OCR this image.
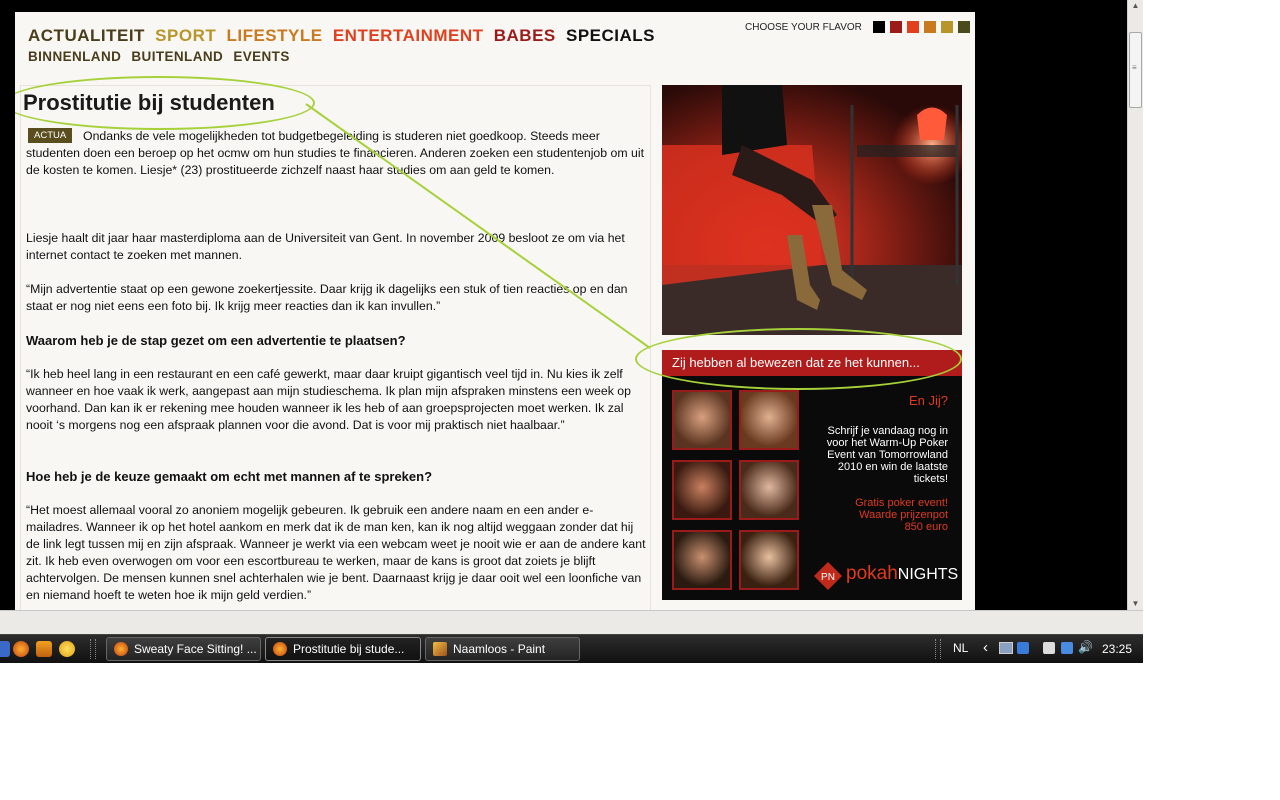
ACTUALITEIT SPORT LIFESTYLE ENTERTAINMENT BABES SPECIALS
BINNENLAND BUITENLAND EVENTS
CHOOSE YOUR FLAVOR
Prostitutie bij studenten
ACTUA	Ondanks de vele mogelijkheden tot budgetbegeleiding is studeren niet goedkoop. Steeds meer studenten doen een beroep op het ocmw om hun studies te financieren. Anderen zoeken een studentenjob om uit de kosten te komen. Liesje* (23) prostitueerde zichzelf naast haar studies om aan geld te komen.

Liesje haalt dit jaar haar masterdiploma aan de Universiteit van Gent. In november 2009 besloot ze om via het internet contact te zoeken met mannen.

“Mijn advertentie staat op een gewone zoekertjessite. Daar krijg ik dagelijks een stuk of tien reacties op en dan staat er nog niet eens een foto bij. Ik krijg meer reacties dan ik kan invullen.”

Waarom heb je de stap gezet om een advertentie te plaatsen?

“Ik heb heel lang in een restaurant en een café gewerkt, maar daar kruipt gigantisch veel tijd in. Nu kies ik zelf wanneer en hoe vaak ik werk, aangepast aan mijn studieschema. Ik plan mijn afspraken minstens een week op voorhand. Dan kan ik er rekening mee houden wanneer ik les heb of aan groepsprojecten moet werken. Ik zal nooit ‘s morgens nog een afspraak plannen voor die avond. Dat is voor mij praktisch niet haalbaar.”

Hoe heb je de keuze gemaakt om echt met mannen af te spreken?

“Het moest allemaal vooral zo anoniem mogelijk gebeuren. Ik gebruik een andere naam en een ander e-mailadres. Wanneer ik op het hotel aankom en merk dat ik de man ken, kan ik nog altijd weggaan zonder dat hij de link legt tussen mij en zijn afspraak. Wanneer je werkt via een webcam weet je nooit wie er aan de andere kant zit. Ik heb even overwogen om voor een escortbureau te werken, maar de kans is groot dat zoiets je blijft achtervolgen. De mensen kunnen snel achterhalen wie je bent. Daarnaast krijg je daar ooit wel een loonfiche van en niemand hoeft te weten hoe ik mijn geld verdien.”

Zij hebben al bewezen dat ze het kunnen...
En Jij?
Schrijf je vandaag nog in voor het Warm-Up Poker Event van Tomorrowland 2010 en win de laatste tickets!
Gratis poker event!
Waarde prijzenpot
850 euro
PN pokahNIGHTS
▲
≡
▼
Sweaty Face Sitting! ...	Prostitutie bij stude...	Naamloos - Paint	NL ‹	🔊 23:25
